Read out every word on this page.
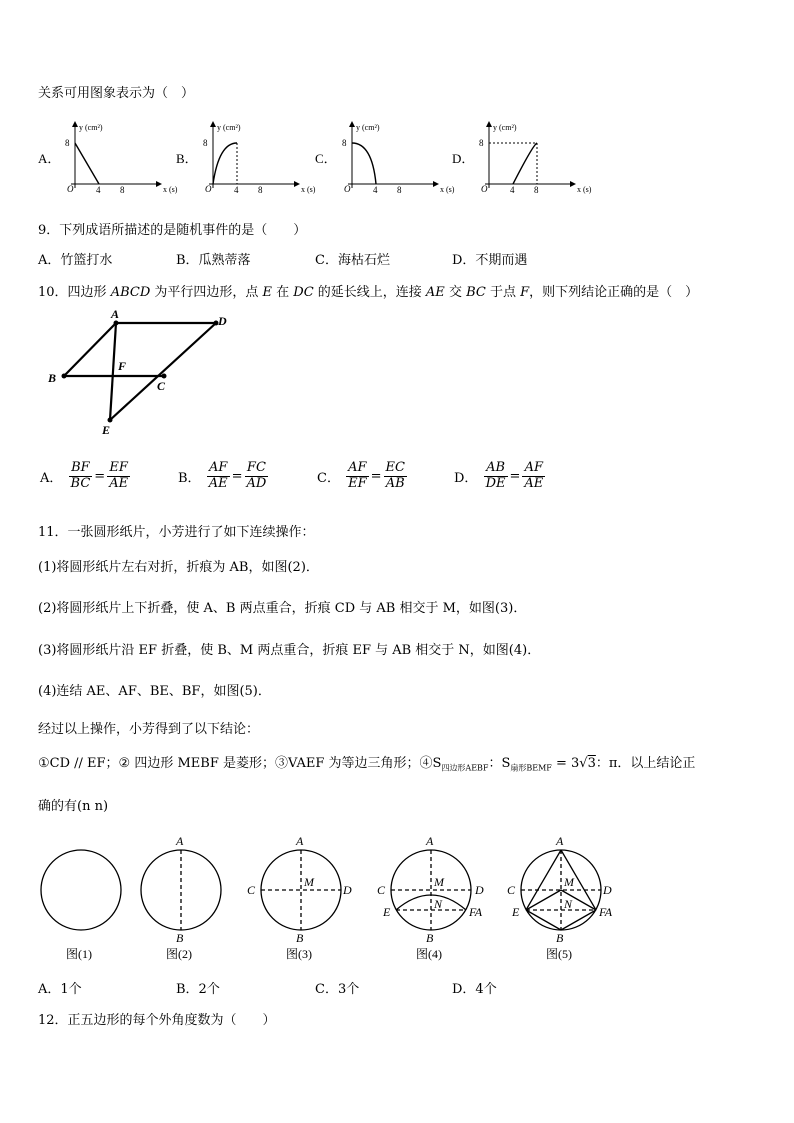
关系可用图象表示为（　）
A．
y (cm²)
x (s)
8
O	4 8
B．
y (cm²)
x (s)
8
O	4 8
C．
y (cm²)
x (s)
8
O	4 8
D．
y (cm²)
x (s)
8
O	4 8
9．下列成语所描述的是随机事件的是（　　）
A．竹篮打水	B．瓜熟蒂落	C．海枯石烂	D．不期而遇
10．四边形 ABCD 为平行四边形，点 E 在 DC 的延长线上，连接 AE 交 BC 于点 F，则下列结论正确的是（　）
A	D
B
C
F
E
A． $\frac{BF}{BC} = \frac{EF}{AE}$	B． $\frac{AF}{AE} = \frac{FC}{AD}$	C． $\frac{AF}{EF} = \frac{EC}{AB}$	D． $\frac{AB}{DE} = \frac{AF}{AE}$
11．一张圆形纸片，小芳进行了如下连续操作：
(1)将圆形纸片左右对折，折痕为 AB，如图(2)．
(2)将圆形纸片上下折叠，使 A、B 两点重合，折痕 CD 与 AB 相交于 M，如图(3)．
(3)将圆形纸片沿 EF 折叠，使 B、M 两点重合，折痕 EF 与 AB 相交于 N，如图(4)．
(4)连结 AE、AF、BE、BF，如图(5)．
经过以上操作，小芳得到了以下结论：
①CD // EF；② 四边形 MEBF 是菱形；③VAEF 为等边三角形；$④S_{四边形AEBF}$：$S_{扇形BEMF} = 3√3$：π．以上结论正
确的有(n n)
A
B
A
B
C	D
M
A
B
C	D
M
N
E	FA
A
B
C	D
M
N
E	FA
图(1)	图(2)	图(3)	图(4)	图(5)
A．1个	B．2个	C．3个	D．4个
12．正五边形的每个外角度数为（　　）
